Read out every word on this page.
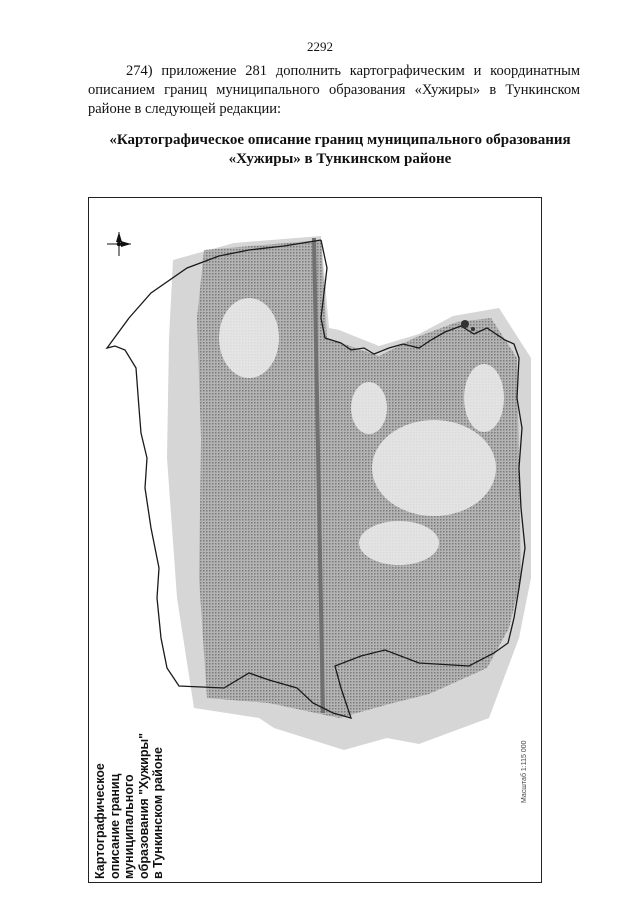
2292
274) приложение 281 дополнить картографическим и координатным описанием границ муниципального образования «Хужиры» в Тункинском районе в следующей редакции:
«Картографическое описание границ муниципального образования
«Хужиры» в Тункинском районе
Масштаб 1:115 000
Картографическое описание границ муниципального образования "Хужиры" в Тункинском районе
